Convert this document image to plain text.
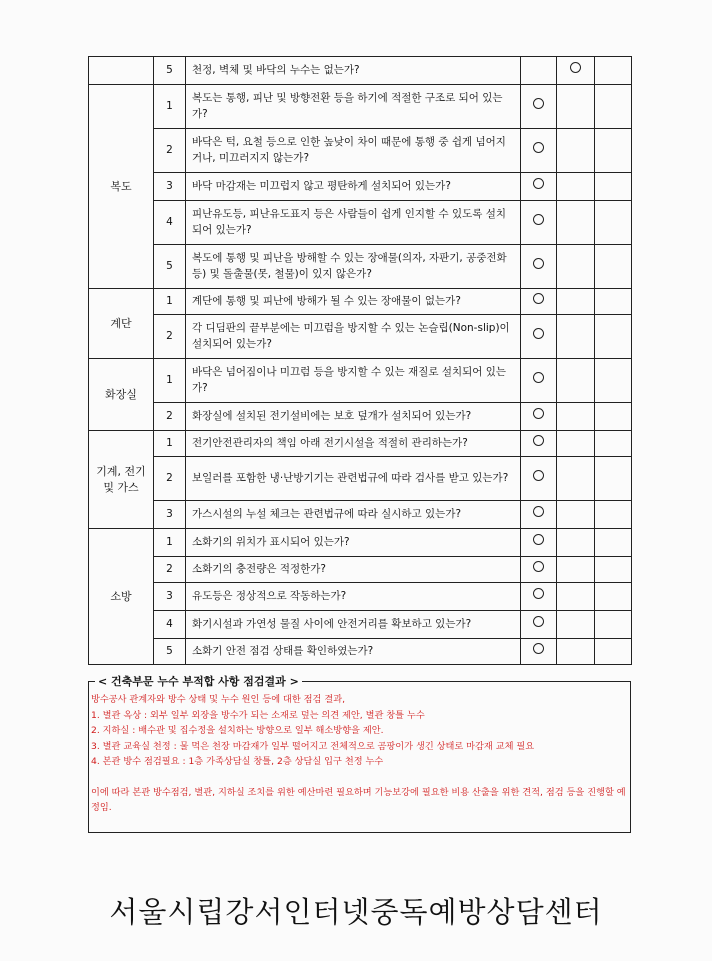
	5	천정, 벽체 및 바닥의 누수는 없는가?			
복도	1	복도는 통행, 피난 및 방향전환 등을 하기에 적절한 구조로 되어 있는가?			
	2	바닥은 턱, 요철 등으로 인한 높낮이 차이 때문에 통행 중 쉽게 넘어지거나, 미끄러지지 않는가?			
	3	바닥 마감재는 미끄럽지 않고 평탄하게 설치되어 있는가?			
	4	피난유도등, 피난유도표지 등은 사람들이 쉽게 인지할 수 있도록 설치되어 있는가?			
	5	복도에 통행 및 피난을 방해할 수 있는 장애물(의자, 자판기, 공중전화 등) 및 돌출물(못, 철물)이 있지 않은가?			
계단	1	계단에 통행 및 피난에 방해가 될 수 있는 장애물이 없는가?			
	2	각 디딤판의 끝부분에는 미끄럼을 방지할 수 있는 논슬립(Non-slip)이 설치되어 있는가?			
화장실	1	바닥은 넘어짐이나 미끄럼 등을 방지할 수 있는 재질로 설치되어 있는가?			
	2	화장실에 설치된 전기설비에는 보호 덮개가 설치되어 있는가?			
기계, 전기
및 가스	1	전기안전관리자의 책임 아래 전기시설을 적절히 관리하는가?			
	2	보일러를 포함한 냉·난방기기는 관련법규에 따라 검사를 받고 있는가?			
	3	가스시설의 누설 체크는 관련법규에 따라 실시하고 있는가?			
소방	1	소화기의 위치가 표시되어 있는가?			
	2	소화기의 충전량은 적정한가?			
	3	유도등은 정상적으로 작동하는가?			
	4	화기시설과 가연성 물질 사이에 안전거리를 확보하고 있는가?			
	5	소화기 안전 점검 상태를 확인하였는가?			
< 건축부문 누수 부적합 사항 점검결과 >

방수공사 관계자와 방수 상태 및 누수 원인 등에 대한 점검 결과,

1. 별관 옥상 : 외부 일부 외장을 방수가 되는 소재로 덮는 의견 제안, 별관 창틀 누수

2. 지하실 : 배수관 및 집수정을 설치하는 방향으로 일부 해소방향을 제안.

3. 별관 교육실 천정 : 물 먹은 천장 마감재가 일부 떨어지고 전체적으로 곰팡이가 생긴 상태로 마감재 교체 필요

4. 본관 방수 점검필요 : 1층 가족상담실 창틀, 2층 상담실 입구 천정 누수

이에 따라 본관 방수점검, 별관, 지하실 조치를 위한 예산마련 필요하며 기능보강에 필요한 비용 산출을 위한 견적, 점검 등을 진행할 예정임.

서울시립강서인터넷중독예방상담센터
